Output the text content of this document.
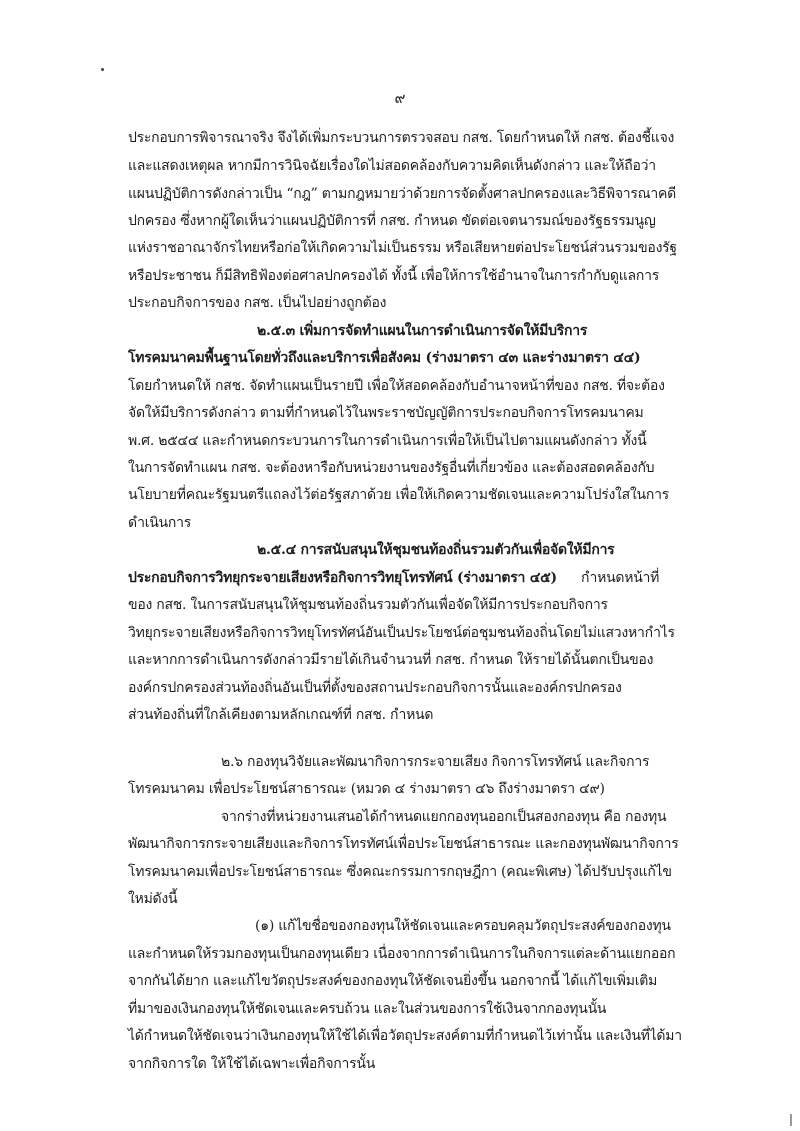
๙
ประกอบการพิจารณาจริง จึงได้เพิ่มกระบวนการตรวจสอบ กสช. โดยกำหนดให้ กสช. ต้องชี้แจง
และแสดงเหตุผล หากมีการวินิจฉัยเรื่องใดไม่สอดคล้องกับความคิดเห็นดังกล่าว และให้ถือว่า
แผนปฏิบัติการดังกล่าวเป็น “กฎ” ตามกฎหมายว่าด้วยการจัดตั้งศาลปกครองและวิธีพิจารณาคดี
ปกครอง ซึ่งหากผู้ใดเห็นว่าแผนปฏิบัติการที่ กสช. กำหนด ขัดต่อเจตนารมณ์ของรัฐธรรมนูญ
แห่งราชอาณาจักรไทยหรือก่อให้เกิดความไม่เป็นธรรม หรือเสียหายต่อประโยชน์ส่วนรวมของรัฐ
หรือประชาชน ก็มีสิทธิฟ้องต่อศาลปกครองได้ ทั้งนี้ เพื่อให้การใช้อำนาจในการกำกับดูแลการ
ประกอบกิจการของ กสช. เป็นไปอย่างถูกต้อง
๒.๕.๓ เพิ่มการจัดทำแผนในการดำเนินการจัดให้มีบริการ
โทรคมนาคมพื้นฐานโดยทั่วถึงและบริการเพื่อสังคม (ร่างมาตรา ๔๓ และร่างมาตรา ๔๔)
โดยกำหนดให้ กสช. จัดทำแผนเป็นรายปี เพื่อให้สอดคล้องกับอำนาจหน้าที่ของ กสช. ที่จะต้อง
จัดให้มีบริการดังกล่าว ตามที่กำหนดไว้ในพระราชบัญญัติการประกอบกิจการโทรคมนาคม
พ.ศ. ๒๕๔๔ และกำหนดกระบวนการในการดำเนินการเพื่อให้เป็นไปตามแผนดังกล่าว ทั้งนี้
ในการจัดทำแผน กสช. จะต้องหารือกับหน่วยงานของรัฐอื่นที่เกี่ยวข้อง และต้องสอดคล้องกับ
นโยบายที่คณะรัฐมนตรีแถลงไว้ต่อรัฐสภาด้วย เพื่อให้เกิดความชัดเจนและความโปร่งใสในการ
ดำเนินการ
๒.๕.๔ การสนับสนุนให้ชุมชนท้องถิ่นรวมตัวกันเพื่อจัดให้มีการ
ประกอบกิจการวิทยุกระจายเสียงหรือกิจการวิทยุโทรทัศน์ (ร่างมาตรา ๔๕) กำหนดหน้าที่
ของ กสช. ในการสนับสนุนให้ชุมชนท้องถิ่นรวมตัวกันเพื่อจัดให้มีการประกอบกิจการ
วิทยุกระจายเสียงหรือกิจการวิทยุโทรทัศน์อันเป็นประโยชน์ต่อชุมชนท้องถิ่นโดยไม่แสวงหากำไร
และหากการดำเนินการดังกล่าวมีรายได้เกินจำนวนที่ กสช. กำหนด ให้รายได้นั้นตกเป็นของ
องค์กรปกครองส่วนท้องถิ่นอันเป็นที่ตั้งของสถานประกอบกิจการนั้นและองค์กรปกครอง
ส่วนท้องถิ่นที่ใกล้เคียงตามหลักเกณฑ์ที่ กสช. กำหนด
๒.๖ กองทุนวิจัยและพัฒนากิจการกระจายเสียง กิจการโทรทัศน์ และกิจการ
โทรคมนาคม เพื่อประโยชน์สาธารณะ (หมวด ๔ ร่างมาตรา ๔๖ ถึงร่างมาตรา ๔๙)
จากร่างที่หน่วยงานเสนอได้กำหนดแยกกองทุนออกเป็นสองกองทุน คือ กองทุน
พัฒนากิจการกระจายเสียงและกิจการโทรทัศน์เพื่อประโยชน์สาธารณะ และกองทุนพัฒนากิจการ
โทรคมนาคมเพื่อประโยชน์สาธารณะ ซึ่งคณะกรรมการกฤษฎีกา (คณะพิเศษ) ได้ปรับปรุงแก้ไข
ใหม่ดังนี้
(๑) แก้ไขชื่อของกองทุนให้ชัดเจนและครอบคลุมวัตถุประสงค์ของกองทุน
และกำหนดให้รวมกองทุนเป็นกองทุนเดียว เนื่องจากการดำเนินการในกิจการแต่ละด้านแยกออก
จากกันได้ยาก และแก้ไขวัตถุประสงค์ของกองทุนให้ชัดเจนยิ่งขึ้น นอกจากนี้ ได้แก้ไขเพิ่มเติม
ที่มาของเงินกองทุนให้ชัดเจนและครบถ้วน และในส่วนของการใช้เงินจากกองทุนนั้น
ได้กำหนดให้ชัดเจนว่าเงินกองทุนให้ใช้ได้เพื่อวัตถุประสงค์ตามที่กำหนดไว้เท่านั้น และเงินที่ได้มา
จากกิจการใด ให้ใช้ได้เฉพาะเพื่อกิจการนั้น
